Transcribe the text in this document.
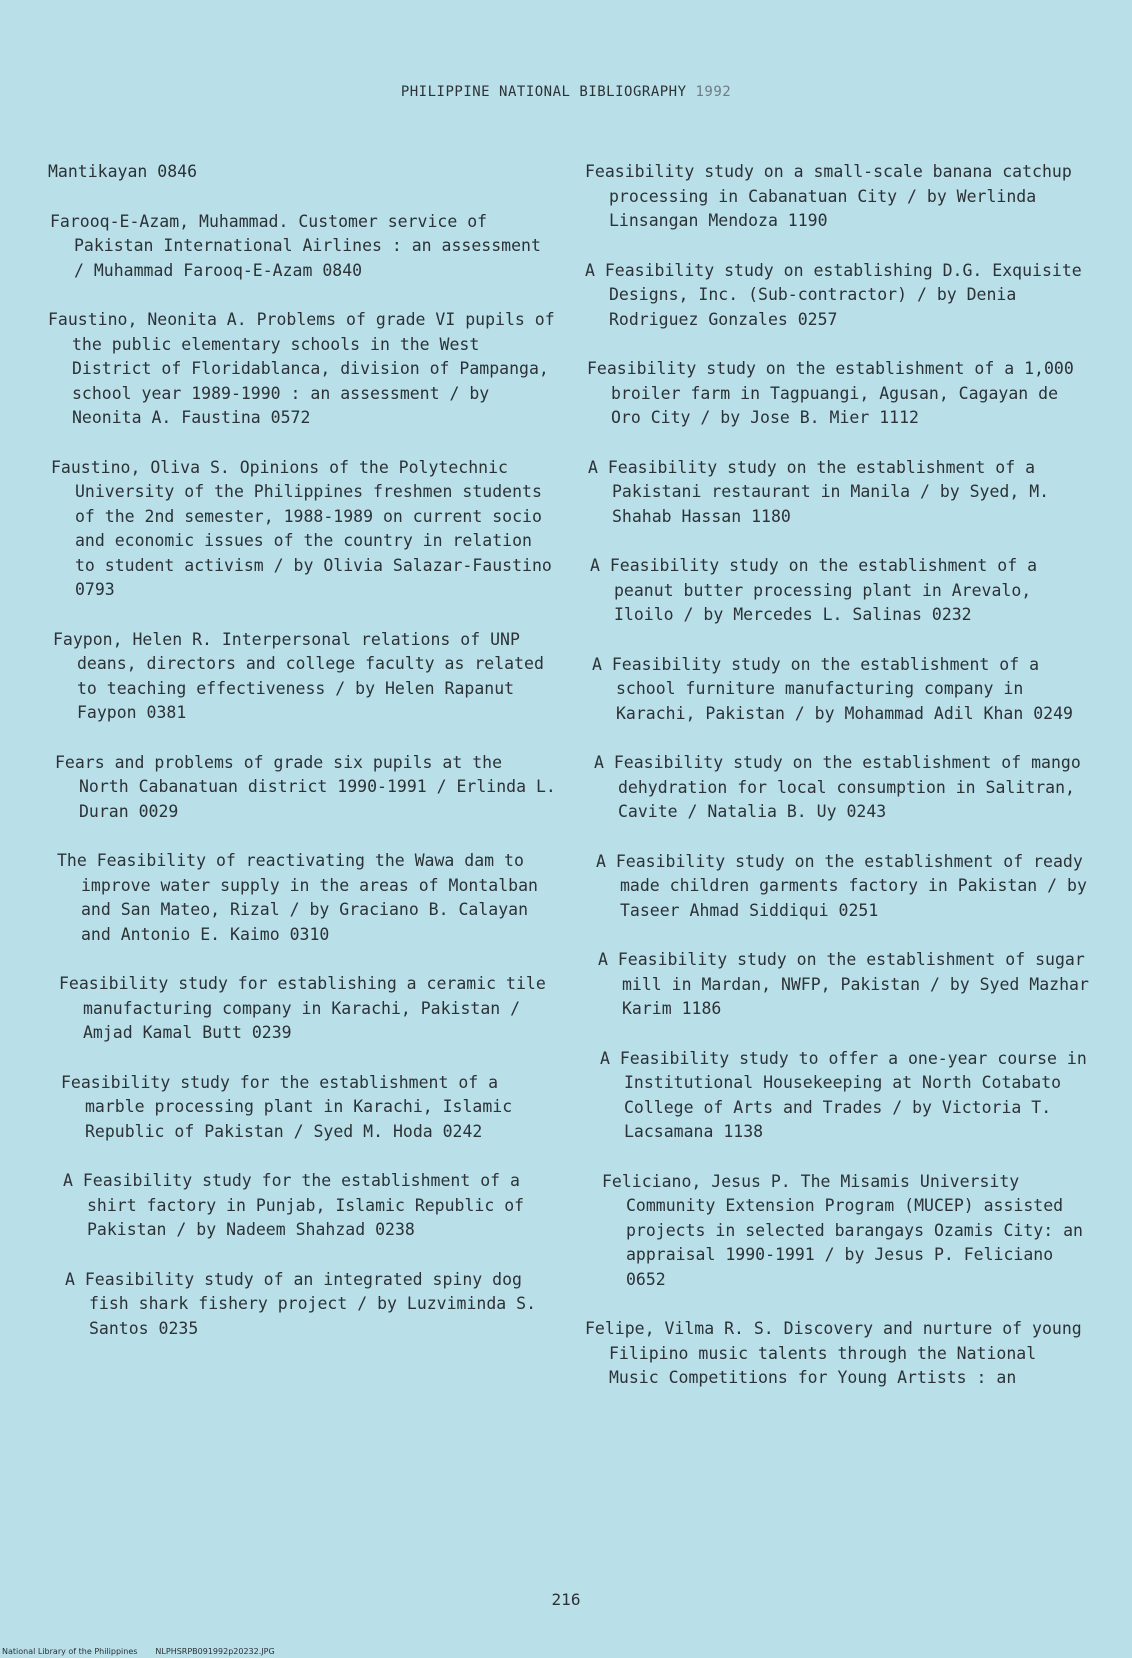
PHILIPPINE NATIONAL BIBLIOGRAPHY 1992
Mantikayan 0846
Farooq-E-Azam, Muhammad. Customer service of Pakistan International Airlines : an assessment / Muhammad Farooq-E-Azam 0840
Faustino, Neonita A. Problems of grade VI pupils of the public elementary schools in the West District of Floridablanca, division of Pampanga, school year 1989-1990 : an assessment / by Neonita A. Faustina 0572
Faustino, Oliva S. Opinions of the Polytechnic University of the Philippines freshmen students of the 2nd semester, 1988-1989 on current socio and economic issues of the country in relation to student activism / by Olivia Salazar-Faustino 0793
Faypon, Helen R. Interpersonal relations of UNP deans, directors and college faculty as related to teaching effectiveness / by Helen Rapanut Faypon 0381
Fears and problems of grade six pupils at the North Cabanatuan district 1990-1991 / Erlinda L. Duran 0029
The Feasibility of reactivating the Wawa dam to improve water supply in the areas of Montalban and San Mateo, Rizal / by Graciano B. Calayan and Antonio E. Kaimo 0310
Feasibility study for establishing a ceramic tile manufacturing company in Karachi, Pakistan / Amjad Kamal Butt 0239
Feasibility study for the establishment of a marble processing plant in Karachi, Islamic Republic of Pakistan / Syed M. Hoda 0242
A Feasibility study for the establishment of a shirt factory in Punjab, Islamic Republic of Pakistan / by Nadeem Shahzad 0238
A Feasibility study of an integrated spiny dog fish shark fishery project / by Luzviminda S. Santos 0235
Feasibility study on a small-scale banana catchup processing in Cabanatuan City / by Werlinda Linsangan Mendoza 1190
A Feasibility study on establishing D.G. Exquisite Designs, Inc. (Sub-contractor) / by Denia Rodriguez Gonzales 0257
Feasibility study on the establishment of a 1,000 broiler farm in Tagpuangi, Agusan, Cagayan de Oro City / by Jose B. Mier 1112
A Feasibility study on the establishment of a Pakistani restaurant in Manila / by Syed, M. Shahab Hassan 1180
A Feasibility study on the establishment of a peanut butter processing plant in Arevalo, Iloilo / by Mercedes L. Salinas 0232
A Feasibility study on the establishment of a school furniture manufacturing company in Karachi, Pakistan / by Mohammad Adil Khan 0249
A Feasibility study on the establishment of mango dehydration for local consumption in Salitran, Cavite / Natalia B. Uy 0243
A Feasibility study on the establishment of ready made children garments factory in Pakistan / by Taseer Ahmad Siddiqui 0251
A Feasibility study on the establishment of sugar mill in Mardan, NWFP, Pakistan / by Syed Mazhar Karim 1186
A Feasibility study to offer a one-year course in Institutional Housekeeping at North Cotabato College of Arts and Trades / by Victoria T. Lacsamana 1138
Feliciano, Jesus P. The Misamis University Community Extension Program (MUCEP) assisted projects in selected barangays Ozamis City: an appraisal 1990-1991 / by Jesus P. Feliciano 0652
Felipe, Vilma R. S. Discovery and nurture of young Filipino music talents through the National Music Competitions for Young Artists : an
216
National Library of the Philippines NLPHSRPB091992p20232.JPG
